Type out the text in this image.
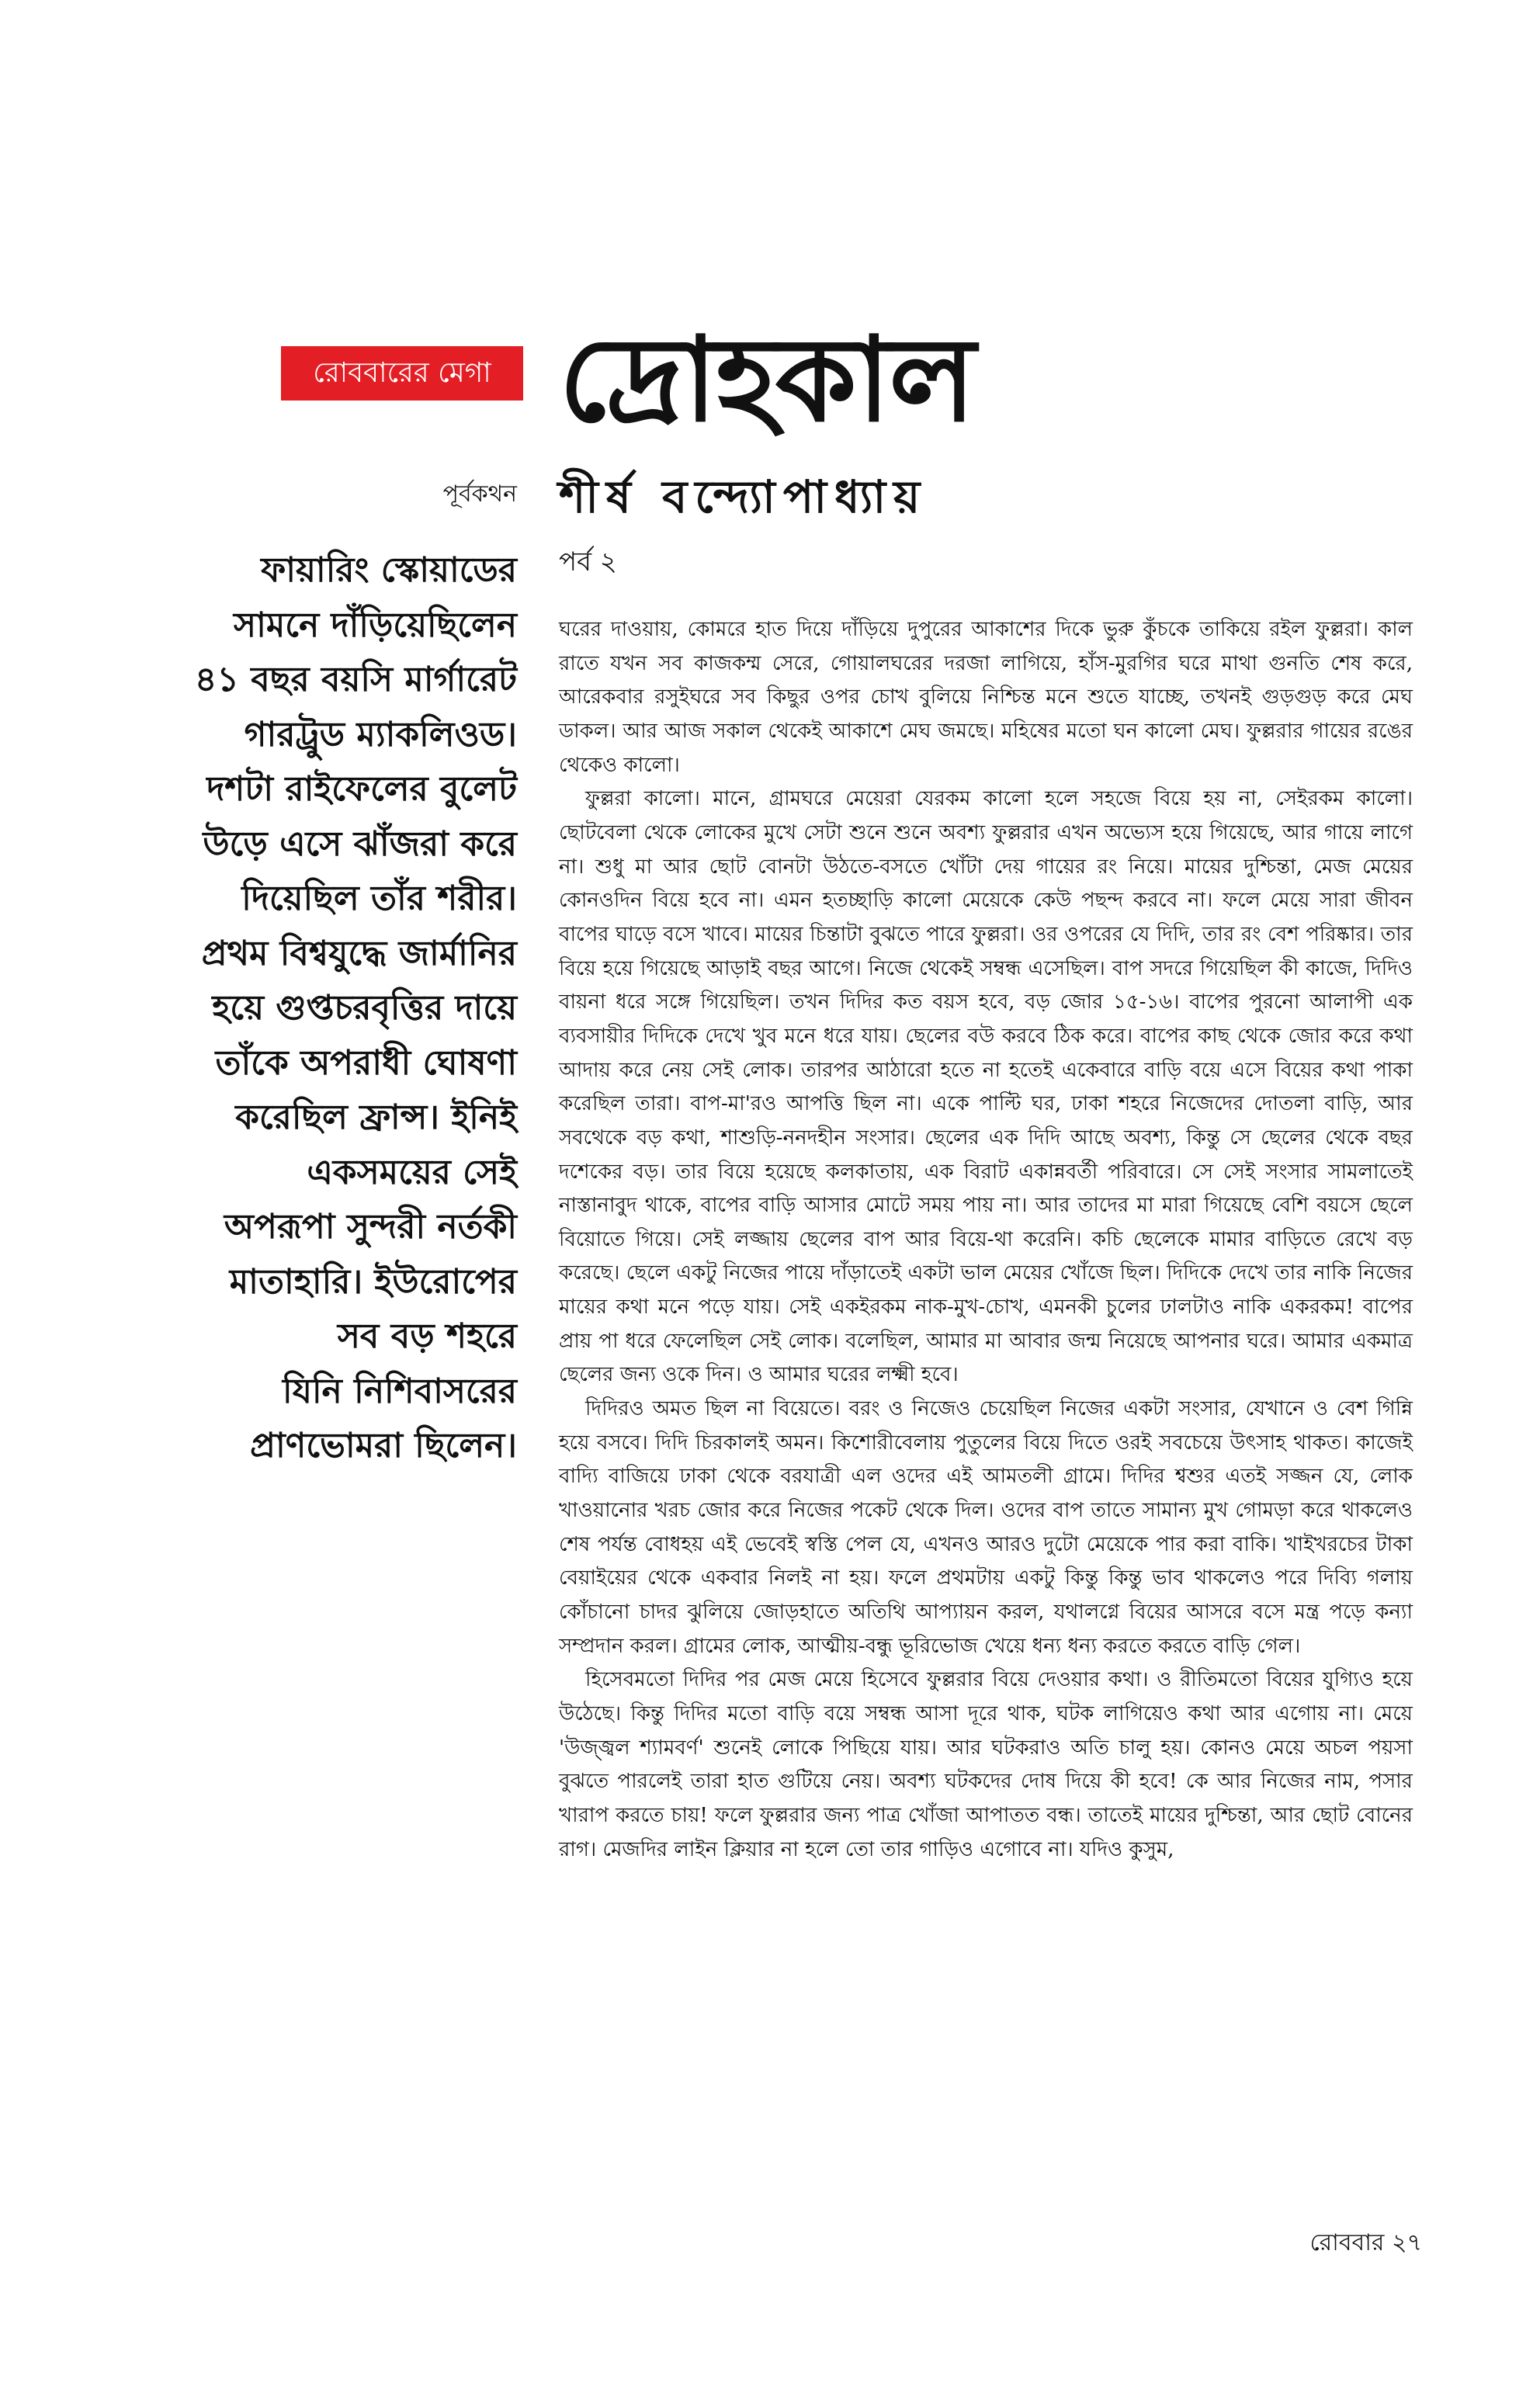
রোববারের মেগা দ্রোহকাল
শীর্ষ বন্দ্যোপাধ্যায়
পূর্বকথন
পর্ব ২
ফায়ারিং স্কোয়াডের
সামনে দাঁড়িয়েছিলেন
৪১ বছর বয়সি মার্গারেট
গারট্রুড ম্যাকলিওড।
দশটা রাইফেলের বুলেট
উড়ে এসে ঝাঁজরা করে
দিয়েছিল তাঁর শরীর।
প্রথম বিশ্বযুদ্ধে জার্মানির
হয়ে গুপ্তচরবৃত্তির দায়ে
তাঁকে অপরাধী ঘোষণা
করেছিল ফ্রান্স। ইনিই
একসময়ের সেই
অপরূপা সুন্দরী নর্তকী
মাতাহারি। ইউরোপের
সব বড় শহরে
যিনি নিশিবাসরের
প্রাণভোমরা ছিলেন।

ঘরের দাওয়ায়, কোমরে হাত দিয়ে দাঁড়িয়ে দুপুরের আকাশের দিকে ভুরু কুঁচকে তাকিয়ে রইল ফুল্লরা। কাল রাতে যখন সব কাজকম্ম সেরে, গোয়ালঘরের দরজা লাগিয়ে, হাঁস-মুরগির ঘরে মাথা গুনতি শেষ করে, আরেকবার রসুইঘরে সব কিছুর ওপর চোখ বুলিয়ে নিশ্চিন্ত মনে শুতে যাচ্ছে, তখনই গুড়গুড় করে মেঘ ডাকল। আর আজ সকাল থেকেই আকাশে মেঘ জমছে। মহিষের মতো ঘন কালো মেঘ। ফুল্লরার গায়ের রঙের থেকেও কালো।

ফুল্লরা কালো। মানে, গ্রামঘরে মেয়েরা যেরকম কালো হলে সহজে বিয়ে হয় না, সেইরকম কালো। ছোটবেলা থেকে লোকের মুখে সেটা শুনে শুনে অবশ্য ফুল্লরার এখন অভ্যেস হয়ে গিয়েছে, আর গায়ে লাগে না। শুধু মা আর ছোট বোনটা উঠতে-বসতে খোঁটা দেয় গায়ের রং নিয়ে। মায়ের দুশ্চিন্তা, মেজ মেয়ের কোনওদিন বিয়ে হবে না। এমন হতচ্ছাড়ি কালো মেয়েকে কেউ পছন্দ করবে না। ফলে মেয়ে সারা জীবন বাপের ঘাড়ে বসে খাবে। মায়ের চিন্তাটা বুঝতে পারে ফুল্লরা। ওর ওপরের যে দিদি, তার রং বেশ পরিষ্কার। তার বিয়ে হয়ে গিয়েছে আড়াই বছর আগে। নিজে থেকেই সম্বন্ধ এসেছিল। বাপ সদরে গিয়েছিল কী কাজে, দিদিও বায়না ধরে সঙ্গে গিয়েছিল। তখন দিদির কত বয়স হবে, বড় জোর ১৫-১৬। বাপের পুরনো আলাপী এক ব্যবসায়ীর দিদিকে দেখে খুব মনে ধরে যায়। ছেলের বউ করবে ঠিক করে। বাপের কাছ থেকে জোর করে কথা আদায় করে নেয় সেই লোক। তারপর আঠারো হতে না হতেই একেবারে বাড়ি বয়ে এসে বিয়ের কথা পাকা করেছিল তারা। বাপ-মা'রও আপত্তি ছিল না। একে পাল্টি ঘর, ঢাকা শহরে নিজেদের দোতলা বাড়ি, আর সবথেকে বড় কথা, শাশুড়ি-ননদহীন সংসার। ছেলের এক দিদি আছে অবশ্য, কিন্তু সে ছেলের থেকে বছর দশেকের বড়। তার বিয়ে হয়েছে কলকাতায়, এক বিরাট একান্নবর্তী পরিবারে। সে সেই সংসার সামলাতেই নাস্তানাবুদ থাকে, বাপের বাড়ি আসার মোটে সময় পায় না। আর তাদের মা মারা গিয়েছে বেশি বয়সে ছেলে বিয়োতে গিয়ে। সেই লজ্জায় ছেলের বাপ আর বিয়ে-থা করেনি। কচি ছেলেকে মামার বাড়িতে রেখে বড় করেছে। ছেলে একটু নিজের পায়ে দাঁড়াতেই একটা ভাল মেয়ের খোঁজে ছিল। দিদিকে দেখে তার নাকি নিজের মায়ের কথা মনে পড়ে যায়। সেই একইরকম নাক-মুখ-চোখ, এমনকী চুলের ঢালটাও নাকি একরকম! বাপের প্রায় পা ধরে ফেলেছিল সেই লোক। বলেছিল, আমার মা আবার জন্ম নিয়েছে আপনার ঘরে। আমার একমাত্র ছেলের জন্য ওকে দিন। ও আমার ঘরের লক্ষ্মী হবে।

দিদিরও অমত ছিল না বিয়েতে। বরং ও নিজেও চেয়েছিল নিজের একটা সংসার, যেখানে ও বেশ গিন্নি হয়ে বসবে। দিদি চিরকালই অমন। কিশোরীবেলায় পুতুলের বিয়ে দিতে ওরই সবচেয়ে উৎসাহ থাকত। কাজেই বাদ্যি বাজিয়ে ঢাকা থেকে বরযাত্রী এল ওদের এই আমতলী গ্রামে। দিদির শ্বশুর এতই সজ্জন যে, লোক খাওয়ানোর খরচ জোর করে নিজের পকেট থেকে দিল। ওদের বাপ তাতে সামান্য মুখ গোমড়া করে থাকলেও শেষ পর্যন্ত বোধহয় এই ভেবেই স্বস্তি পেল যে, এখনও আরও দুটো মেয়েকে পার করা বাকি। খাইখরচের টাকা বেয়াইয়ের থেকে একবার নিলই না হয়। ফলে প্রথমটায় একটু কিন্তু কিন্তু ভাব থাকলেও পরে দিব্যি গলায় কোঁচানো চাদর ঝুলিয়ে জোড়হাতে অতিথি আপ্যায়ন করল, যথালগ্নে বিয়ের আসরে বসে মন্ত্র পড়ে কন্যা সম্প্রদান করল। গ্রামের লোক, আত্মীয়-বন্ধু ভূরিভোজ খেয়ে ধন্য ধন্য করতে করতে বাড়ি গেল।

হিসেবমতো দিদির পর মেজ মেয়ে হিসেবে ফুল্লরার বিয়ে দেওয়ার কথা। ও রীতিমতো বিয়ের যুগ্যিও হয়ে উঠেছে। কিন্তু দিদির মতো বাড়ি বয়ে সম্বন্ধ আসা দূরে থাক, ঘটক লাগিয়েও কথা আর এগোয় না। মেয়ে 'উজ্জ্বল শ্যামবর্ণ' শুনেই লোকে পিছিয়ে যায়। আর ঘটকরাও অতি চালু হয়। কোনও মেয়ে অচল পয়সা বুঝতে পারলেই তারা হাত গুটিয়ে নেয়। অবশ্য ঘটকদের দোষ দিয়ে কী হবে! কে আর নিজের নাম, পসার খারাপ করতে চায়! ফলে ফুল্লরার জন্য পাত্র খোঁজা আপাতত বন্ধ। তাতেই মায়ের দুশ্চিন্তা, আর ছোট বোনের রাগ। মেজদির লাইন ক্লিয়ার না হলে তো তার গাড়িও এগোবে না। যদিও কুসুম,

রোববার ২৭
